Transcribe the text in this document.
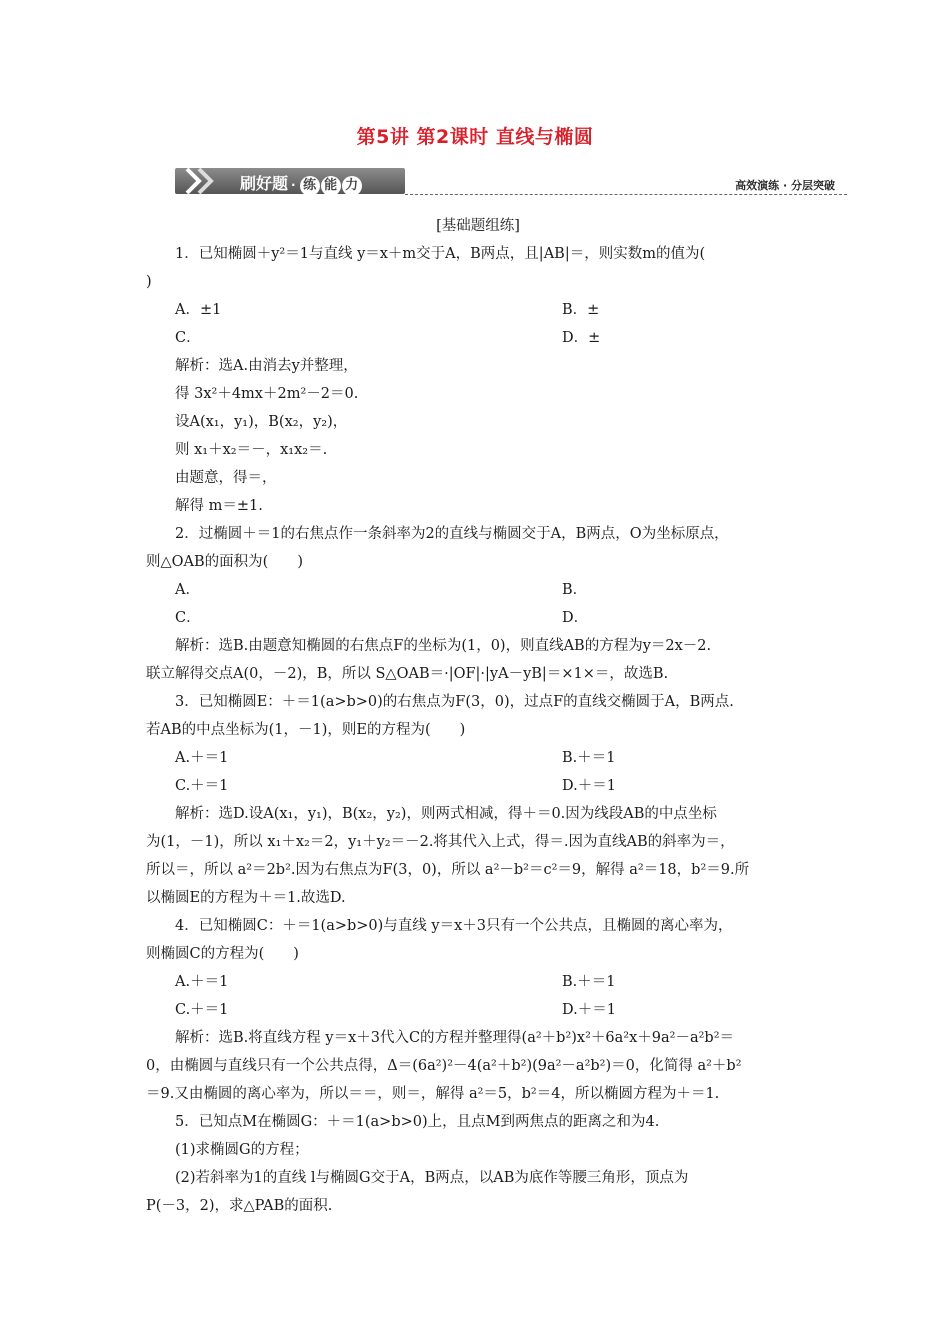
第5讲 第2课时 直线与椭圆
刷好题 · 练 能 力	高效演练 · 分层突破
[基础题组练]
1．已知椭圆＋y²＝1与直线 y＝x＋m交于A，B两点，且|AB|＝，则实数m的值为(
)
A．±1	B．±
C．	D．±
解析：选A.由消去y并整理，
得 3x²＋4mx＋2m²－2＝0.
设A(x₁，y₁)，B(x₂，y₂)，
则 x₁＋x₂＝－，x₁x₂＝.
由题意，得＝，
解得 m＝±1.
2．过椭圆＋＝1的右焦点作一条斜率为2的直线与椭圆交于A，B两点，O为坐标原点，
则△OAB的面积为(　　)
A．	B．
C．	D．
解析：选B.由题意知椭圆的右焦点F的坐标为(1，0)，则直线AB的方程为y＝2x－2.
联立解得交点A(0，－2)，B，所以 S△OAB＝·|OF|·|yA－yB|＝×1×＝，故选B.
3．已知椭圆E：＋＝1(a>b>0)的右焦点为F(3，0)，过点F的直线交椭圆于A，B两点.
若AB的中点坐标为(1，－1)，则E的方程为(　　)
A.＋＝1	B.＋＝1
C.＋＝1	D.＋＝1
解析：选D.设A(x₁，y₁)，B(x₂，y₂)，则两式相减，得＋＝0.因为线段AB的中点坐标
为(1，－1)，所以 x₁＋x₂＝2，y₁＋y₂＝－2.将其代入上式，得＝.因为直线AB的斜率为＝，
所以＝，所以 a²＝2b².因为右焦点为F(3，0)，所以 a²－b²＝c²＝9，解得 a²＝18，b²＝9.所
以椭圆E的方程为＋＝1.故选D.
4．已知椭圆C：＋＝1(a>b>0)与直线 y＝x＋3只有一个公共点，且椭圆的离心率为，
则椭圆C的方程为(　　)
A.＋＝1	B.＋＝1
C.＋＝1	D.＋＝1
解析：选B.将直线方程 y＝x＋3代入C的方程并整理得(a²＋b²)x²＋6a²x＋9a²－a²b²＝
0，由椭圆与直线只有一个公共点得，Δ＝(6a²)²－4(a²＋b²)(9a²－a²b²)＝0，化简得 a²＋b²
＝9.又由椭圆的离心率为，所以＝＝，则＝，解得 a²＝5，b²＝4，所以椭圆方程为＋＝1.
5．已知点M在椭圆G：＋＝1(a>b>0)上，且点M到两焦点的距离之和为4.
(1)求椭圆G的方程；
(2)若斜率为1的直线 l与椭圆G交于A，B两点，以AB为底作等腰三角形，顶点为
P(－3，2)，求△PAB的面积.
